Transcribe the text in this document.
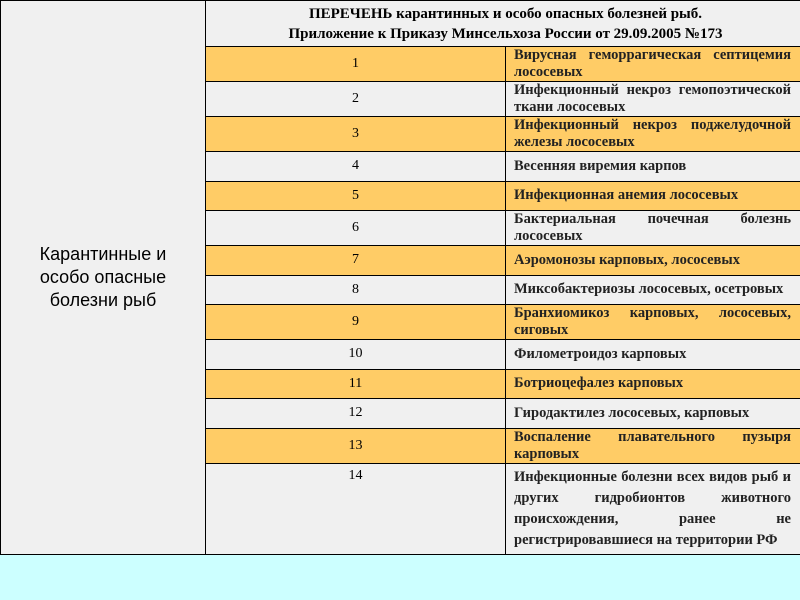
Карантинные и особо опасные болезни рыб	ПЕРЕЧЕНЬ карантинных и особо опасных болезней рыб.
Приложение к Приказу Минсельхоза России от 29.09.2005 №173	

	1	Вирусная геморрагическая септицемия лососевых
	2	Инфекционный некроз гемопоэтической ткани лососевых
	3	Инфекционный некроз поджелудочной железы лососевых
	4	Весенняя виремия карпов
	5	Инфекционная анемия лососевых
	6	Бактериальная почечная болезнь лососевых
	7	Аэромонозы карповых, лососевых
	8	Миксобактериозы лососевых, осетровых
	9	Бранхиомикоз карповых, лососевых, сиговых
	10	Филометроидоз карповых
	11	Ботриоцефалез карповых
	12	Гиродактилез лососевых, карповых
	13	Воспаление плавательного пузыря карповых
	14	Инфекционные болезни всех видов рыб и других гидробионтов животного происхождения, ранее не регистрировавшиеся на территории РФ
